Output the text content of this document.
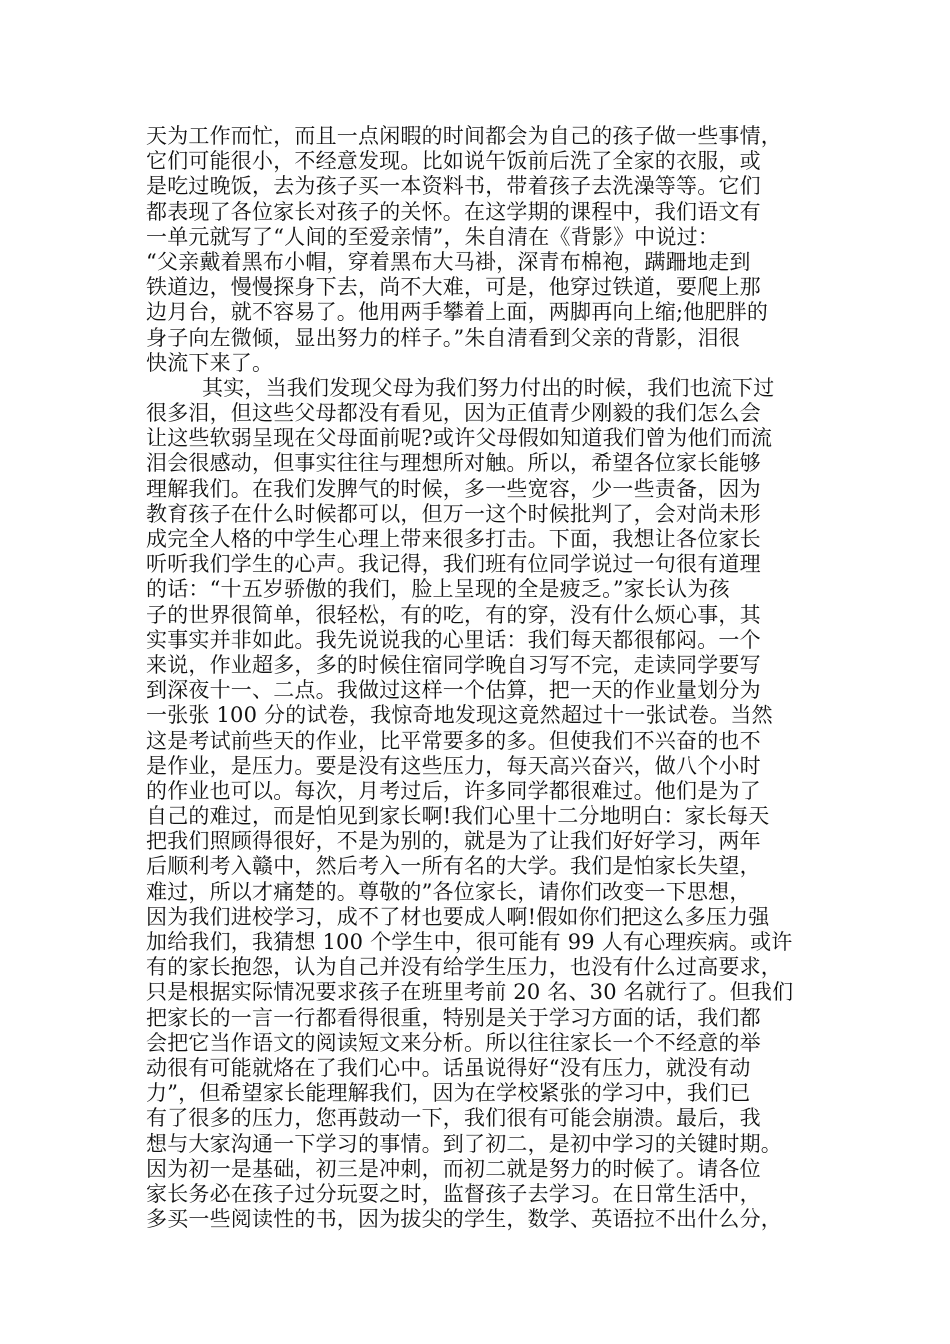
天为工作而忙，而且一点闲暇的时间都会为自己的孩子做一些事情，
它们可能很小，不经意发现。比如说午饭前后洗了全家的衣服，或
是吃过晚饭，去为孩子买一本资料书，带着孩子去洗澡等等。它们
都表现了各位家长对孩子的关怀。在这学期的课程中，我们语文有
一单元就写了“人间的至爱亲情”，朱自清在《背影》中说过：
“父亲戴着黑布小帽，穿着黑布大马褂，深青布棉袍，蹒跚地走到
铁道边，慢慢探身下去，尚不大难，可是，他穿过铁道，要爬上那
边月台，就不容易了。他用两手攀着上面，两脚再向上缩;他肥胖的
身子向左微倾，显出努力的样子。”朱自清看到父亲的背影，泪很
快流下来了。
其实，当我们发现父母为我们努力付出的时候，我们也流下过
很多泪，但这些父母都没有看见，因为正值青少刚毅的我们怎么会
让这些软弱呈现在父母面前呢?或许父母假如知道我们曾为他们而流
泪会很感动，但事实往往与理想所对触。所以，希望各位家长能够
理解我们。在我们发脾气的时候，多一些宽容，少一些责备，因为
教育孩子在什么时候都可以，但万一这个时候批判了，会对尚未形
成完全人格的中学生心理上带来很多打击。下面，我想让各位家长
听听我们学生的心声。我记得，我们班有位同学说过一句很有道理
的话：“十五岁骄傲的我们，脸上呈现的全是疲乏。”家长认为孩
子的世界很简单，很轻松，有的吃，有的穿，没有什么烦心事，其
实事实并非如此。我先说说我的心里话：我们每天都很郁闷。一个
来说，作业超多，多的时候住宿同学晚自习写不完，走读同学要写
到深夜十一、二点。我做过这样一个估算，把一天的作业量划分为
一张张 100 分的试卷，我惊奇地发现这竟然超过十一张试卷。当然
这是考试前些天的作业，比平常要多的多。但使我们不兴奋的也不
是作业，是压力。要是没有这些压力，每天高兴奋兴，做八个小时
的作业也可以。每次，月考过后，许多同学都很难过。他们是为了
自己的难过，而是怕见到家长啊!我们心里十二分地明白：家长每天
把我们照顾得很好，不是为别的，就是为了让我们好好学习，两年
后顺利考入赣中，然后考入一所有名的大学。我们是怕家长失望，
难过，所以才痛楚的。尊敬的”各位家长，请你们改变一下思想，
因为我们进校学习，成不了材也要成人啊!假如你们把这么多压力强
加给我们，我猜想 100 个学生中，很可能有 99 人有心理疾病。或许
有的家长抱怨，认为自己并没有给学生压力，也没有什么过高要求，
只是根据实际情况要求孩子在班里考前 20 名、30 名就行了。但我们
把家长的一言一行都看得很重，特别是关于学习方面的话，我们都
会把它当作语文的阅读短文来分析。所以往往家长一个不经意的举
动很有可能就烙在了我们心中。话虽说得好“没有压力，就没有动
力”，但希望家长能理解我们，因为在学校紧张的学习中，我们已
有了很多的压力，您再鼓动一下，我们很有可能会崩溃。最后，我
想与大家沟通一下学习的事情。到了初二，是初中学习的关键时期。
因为初一是基础，初三是冲刺，而初二就是努力的时候了。请各位
家长务必在孩子过分玩耍之时，监督孩子去学习。在日常生活中，
多买一些阅读性的书，因为拔尖的学生，数学、英语拉不出什么分，
